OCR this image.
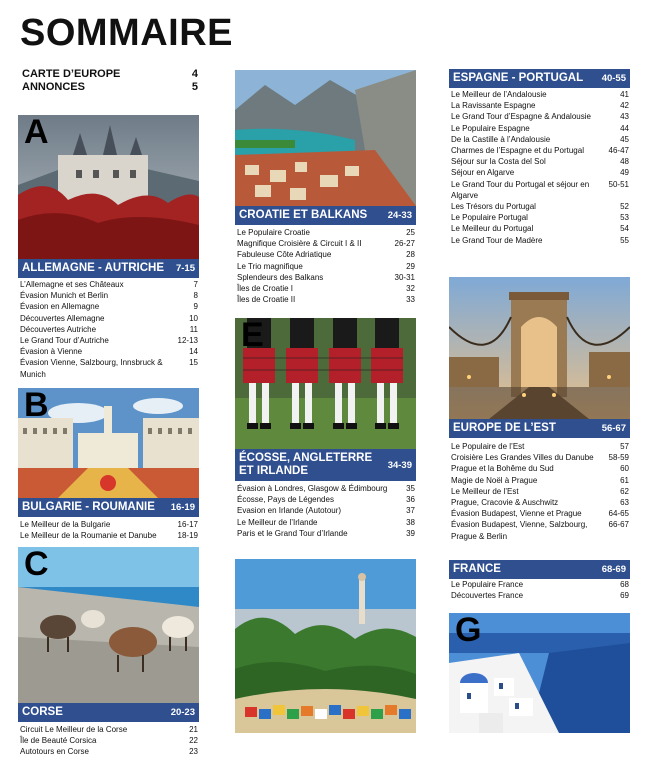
SOMMAIRE
CARTE D’EUROPE	4
ANNONCES	5
A
ALLEMAGNE - AUTRICHE	7-15
L’Allemagne et ses Châteaux	7
Évasion Munich et Berlin	8
Évasion en Allemagne	9
Découvertes Allemagne	10
Découvertes Autriche	11
Le Grand Tour d’Autriche	12-13
Évasion à Vienne	14
Évasion Vienne, Salzbourg, Innsbruck & Munich
15
B
BULGARIE - ROUMANIE	16-19
Le Meilleur de la Bulgarie	16-17
Le Meilleur de la Roumanie et Danube	18-19
C
CORSE	20-23
Circuit Le Meilleur de la Corse	21
Île de Beauté Corsica	22
Autotours en Corse	23
CROATIE ET BALKANS	24-33
Le Populaire Croatie	25
Magnifique Croisière & Circuit I & II	26-27
Fabuleuse Côte Adriatique	28
Le Trio magnifique	29
Splendeurs des Balkans	30-31
Îles de Croatie I	32
Îles de Croatie II	33
E
ÉCOSSE, ANGLETERRE ET IRLANDE	34-39
Évasion à Londres, Glasgow & Édimbourg	35
Écosse, Pays de Légendes	36
Evasion en Irlande (Autotour)	37
Le Meilleur de l’Irlande	38
Paris et le Grand Tour d’Irlande	39
ESPAGNE - PORTUGAL	40-55
Le Meilleur de l’Andalousie	41
La Ravissante Espagne	42
Le Grand Tour d’Espagne & Andalousie	43
Le Populaire Espagne	44
De la Castille à l’Andalousie	45
Charmes de l’Espagne et du Portugal	46-47
Séjour sur la Costa del Sol	48
Séjour en Algarve	49
Le Grand Tour du Portugal et séjour en Algarve
50-51
Les Trésors du Portugal	52
Le Populaire Portugal	53
Le Meilleur du Portugal	54
Le Grand Tour de Madère	55
EUROPE DE L’EST	56-67
Le Populaire de l’Est	57
Croisière Les Grandes Villes du Danube	58-59
Prague et la Bohême du Sud	60
Magie de Noël à Prague	61
Le Meilleur de l’Est	62
Prague, Cracovie & Auschwitz	63
Évasion Budapest, Vienne et Prague	64-65
Évasion Budapest, Vienne, Salzbourg, Prague & Berlin
66-67
FRANCE	68-69
Le Populaire France	68
Découvertes France	69
G
